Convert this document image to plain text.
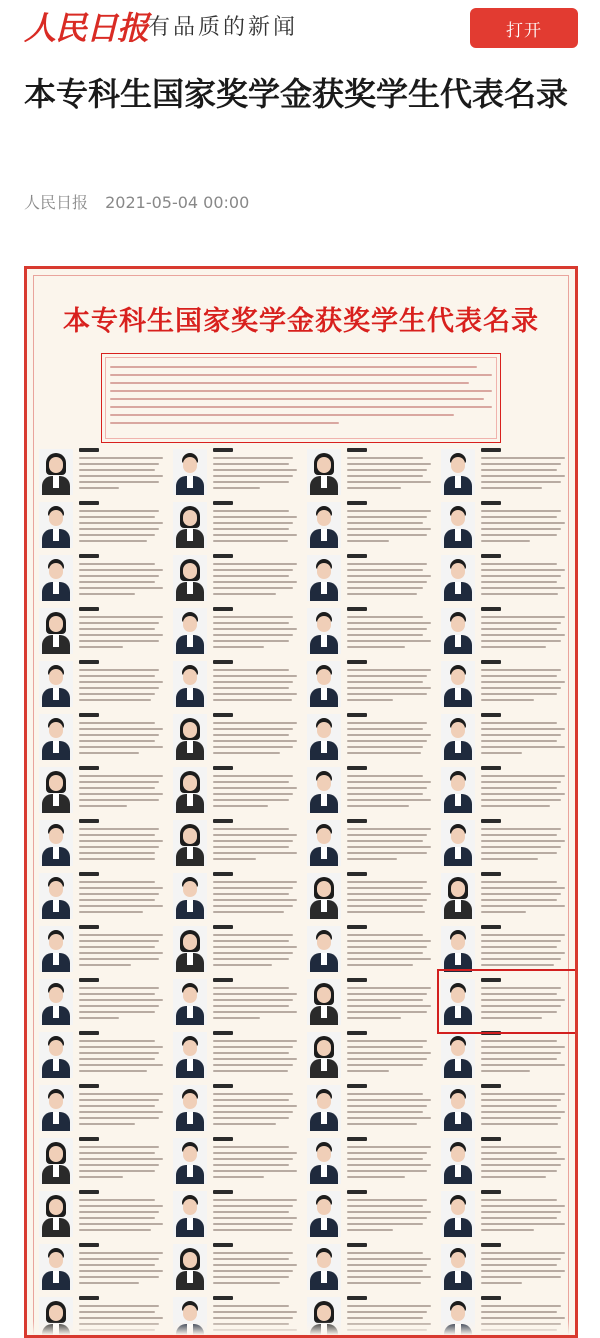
人民日报 有品质的新闻	打开
本专科生国家奖学金获奖学生代表名录
人民日报 2021-05-04 00:00
本专科生国家奖学金获奖学生代表名录
